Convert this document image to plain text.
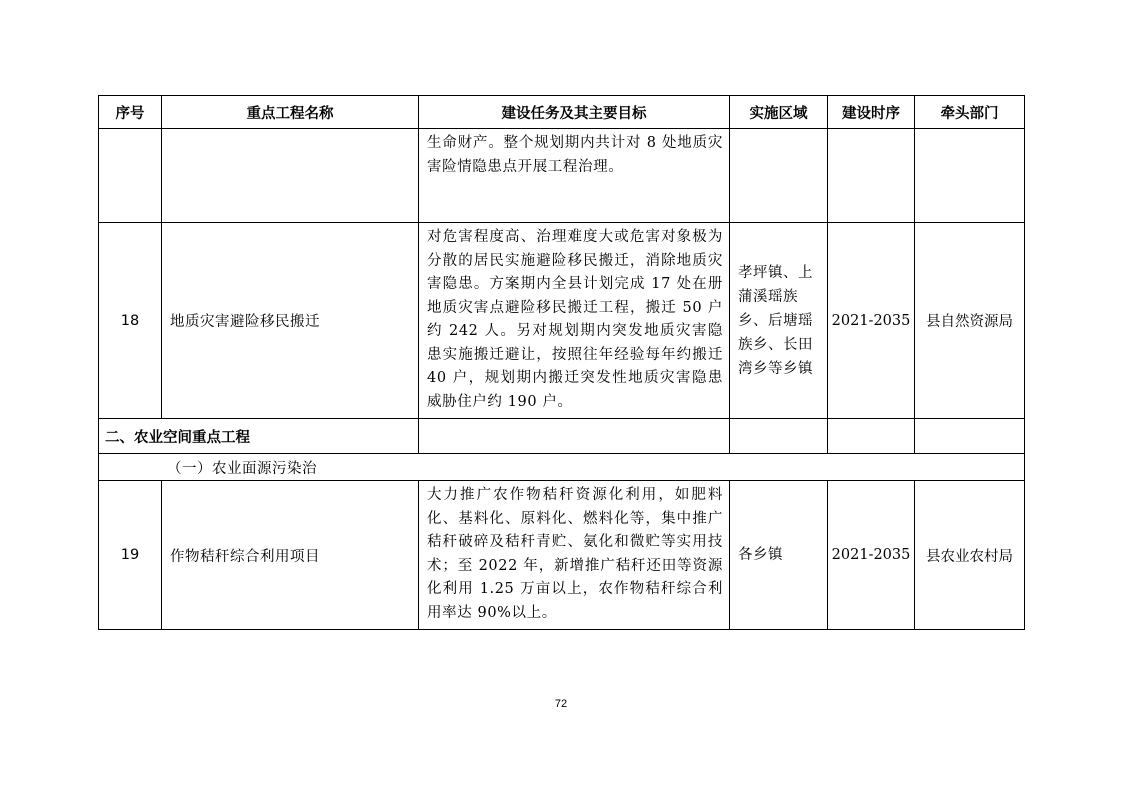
序号	重点工程名称	建设任务及其主要目标	实施区域	建设时序	牵头部门
		生命财产。整个规划期内共计对 8 处地质灾害险情隐患点开展工程治理。			
18	地质灾害避险移民搬迁	对危害程度高、治理难度大或危害对象极为分散的居民实施避险移民搬迁，消除地质灾害隐患。方案期内全县计划完成 17 处在册地质灾害点避险移民搬迁工程，搬迁 50 户约 242 人。另对规划期内突发地质灾害隐患实施搬迁避让，按照往年经验每年约搬迁 40 户，规划期内搬迁突发性地质灾害隐患威胁住户约 190 户。	孝坪镇、上蒲溪瑶族乡、后塘瑶族乡、长田湾乡等乡镇	2021-2035	县自然资源局
二、农业空间重点工程					
（一）农业面源污染治					
19	作物秸秆综合利用项目	大力推广农作物秸秆资源化利用，如肥料化、基料化、原料化、燃料化等，集中推广秸秆破碎及秸秆青贮、氨化和微贮等实用技术；至 2022 年，新增推广秸秆还田等资源化利用 1.25 万亩以上，农作物秸秆综合利用率达 90%以上。	各乡镇	2021-2035	县农业农村局
72
